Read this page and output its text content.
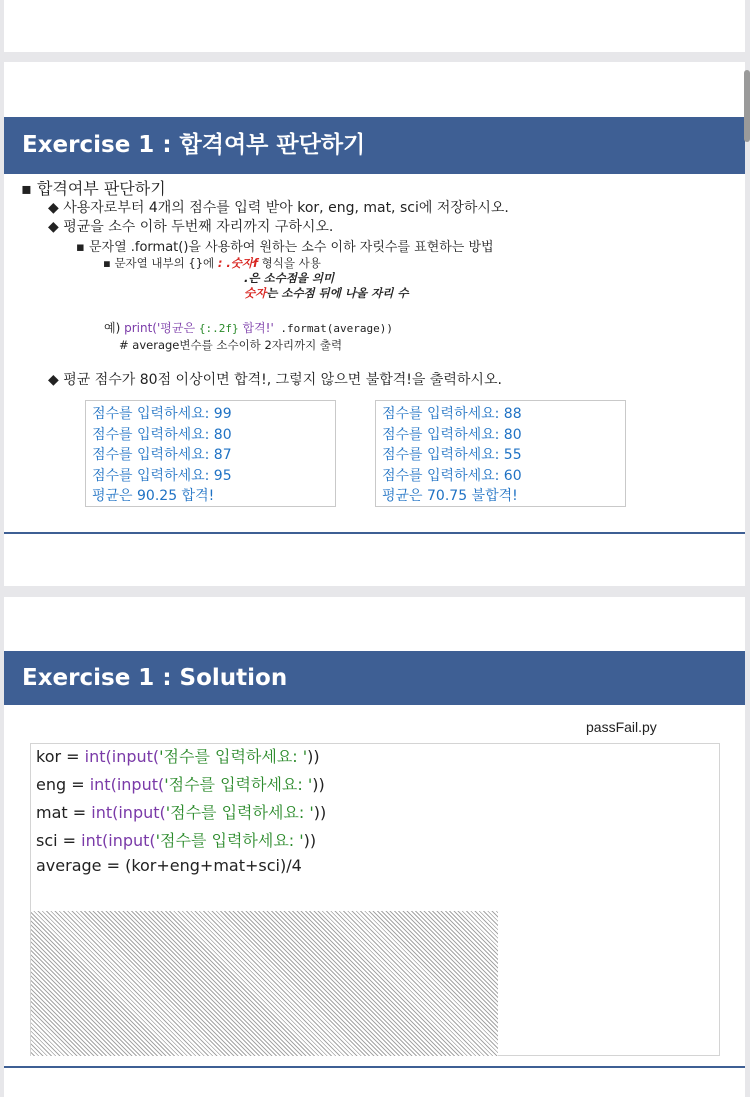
Exercise 1 : 합격여부 판단하기
▪ 합격여부 판단하기
◆ 사용자로부터 4개의 점수를 입력 받아 kor, eng, mat, sci에 저장하시오.
◆ 평균을 소수 이하 두번째 자리까지 구하시오.
▪ 문자열 .format()을 사용하여 원하는 소수 이하 자릿수를 표현하는 방법
▪ 문자열 내부의 {}에 : .숫자f 형식을 사용
.은 소수점을 의미
숫자는 소수점 뒤에 나올 자리 수
예) print('평균은 {:.2f} 합격!' .format(average))
# average변수를 소수이하 2자리까지 출력
◆ 평균 점수가 80점 이상이면 합격!, 그렇지 않으면 불합격!을 출력하시오.
점수를 입력하세요: 99
점수를 입력하세요: 80
점수를 입력하세요: 87
점수를 입력하세요: 95
평균은 90.25 합격!
점수를 입력하세요: 88
점수를 입력하세요: 80
점수를 입력하세요: 55
점수를 입력하세요: 60
평균은 70.75 불합격!
Exercise 1 : Solution
passFail.py
kor = int(input('점수를 입력하세요: '))
eng = int(input('점수를 입력하세요: '))
mat = int(input('점수를 입력하세요: '))
sci = int(input('점수를 입력하세요: '))
average = (kor+eng+mat+sci)/4
